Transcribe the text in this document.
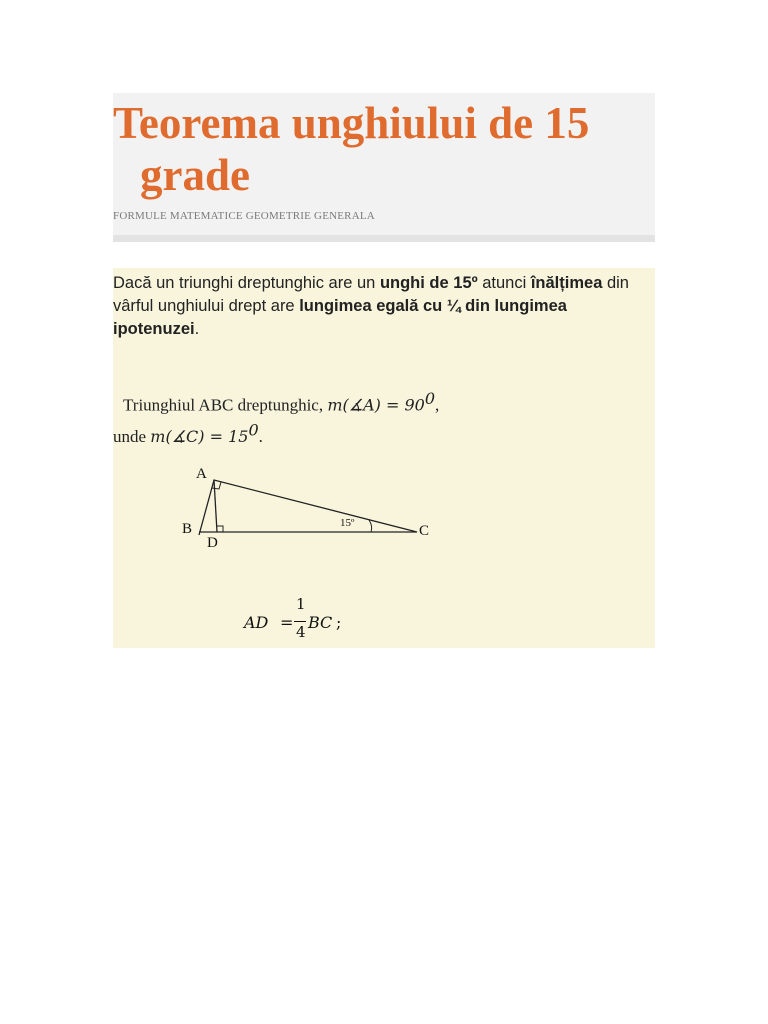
Teorema unghiului de 15
grade
FORMULE MATEMATICE GEOMETRIE GENERALA
Dacă un triunghi dreptunghic are un unghi de 15º atunci înălțimea din vârful unghiului drept are lungimea egală cu ¼ din lungimea ipotenuzei.
Triunghiul ABC dreptunghic, m(∡A) = $90^0$,
unde m(∡C) = $15^0$.
A
B	C
D
15º
AD =
1
4 BC ;
